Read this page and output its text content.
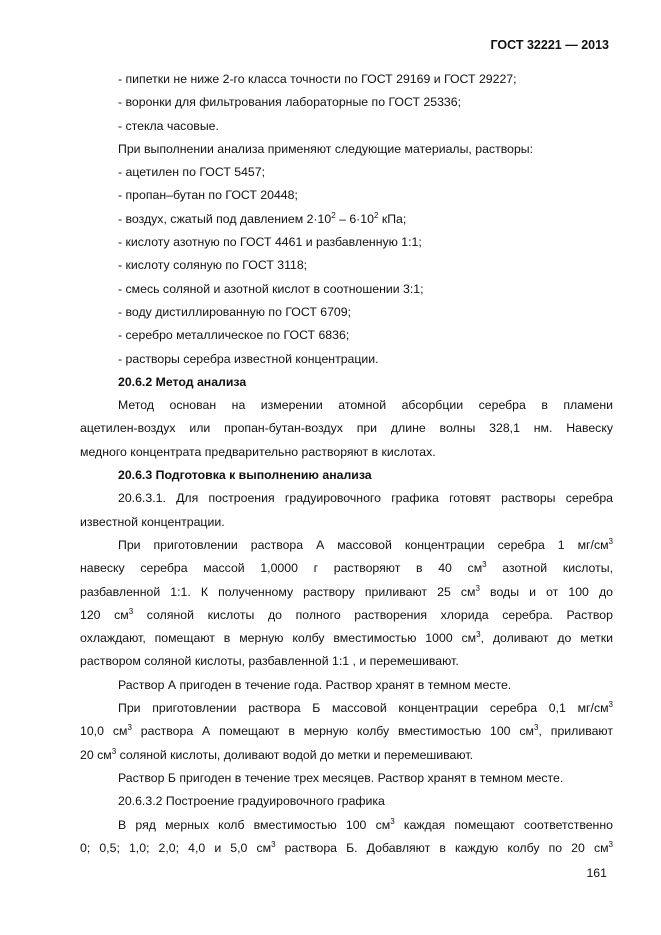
ГОСТ 32221 — 2013
- пипетки не ниже 2-го класса точности по ГОСТ 29169 и ГОСТ 29227;
- воронки для фильтрования лабораторные по ГОСТ 25336;
- стекла часовые.
При выполнении анализа применяют следующие материалы, растворы:
- ацетилен по ГОСТ 5457;
- пропан–бутан по ГОСТ 20448;
- воздух, сжатый под давлением $2\cdot 10^2 - 6\cdot 10^2$ кПа;
- кислоту азотную по ГОСТ 4461 и разбавленную 1:1;
- кислоту соляную по ГОСТ 3118;
- смесь соляной и азотной кислот в соотношении 3:1;
- воду дистиллированную по ГОСТ 6709;
- серебро металлическое по ГОСТ 6836;
- растворы серебра известной концентрации.
20.6.2 Метод анализа
Метод основан на измерении атомной абсорбции серебра в пламени
ацетилен-воздух или пропан-бутан-воздух при длине волны 328,1 нм. Навеску
медного концентрата предварительно растворяют в кислотах.
20.6.3 Подготовка к выполнению анализа
20.6.3.1. Для построения градуировочного графика готовят растворы серебра
известной концентрации.
При приготовлении раствора А массовой концентрации серебра 1 $мг/см^3$
навеску серебра массой 1,0000 г растворяют в 40 $см^3$ азотной кислоты,
разбавленной 1:1. К полученному раствору приливают 25 $см^3$ воды и от 100 до
120 $см^3$ соляной кислоты до полного растворения хлорида серебра. Раствор
охлаждают, помещают в мерную колбу вместимостью 1000 $см^3$, доливают до метки
раствором соляной кислоты, разбавленной 1:1 , и перемешивают.
Раствор А пригоден в течение года. Раствор хранят в темном месте.
При приготовлении раствора Б массовой концентрации серебра 0,1 $мг/см^3$
10,0 $см^3$ раствора А помещают в мерную колбу вместимостью 100 $см^3$, приливают
20 $см^3$ соляной кислоты, доливают водой до метки и перемешивают.
Раствор Б пригоден в течение трех месяцев. Раствор хранят в темном месте.
20.6.3.2 Построение градуировочного графика
В ряд мерных колб вместимостью 100 $см^3$ каждая помещают соответственно
0; 0,5; 1,0; 2,0; 4,0 и 5,0 $см^3$ раствора Б. Добавляют в каждую колбу по 20 $см^3$
161
